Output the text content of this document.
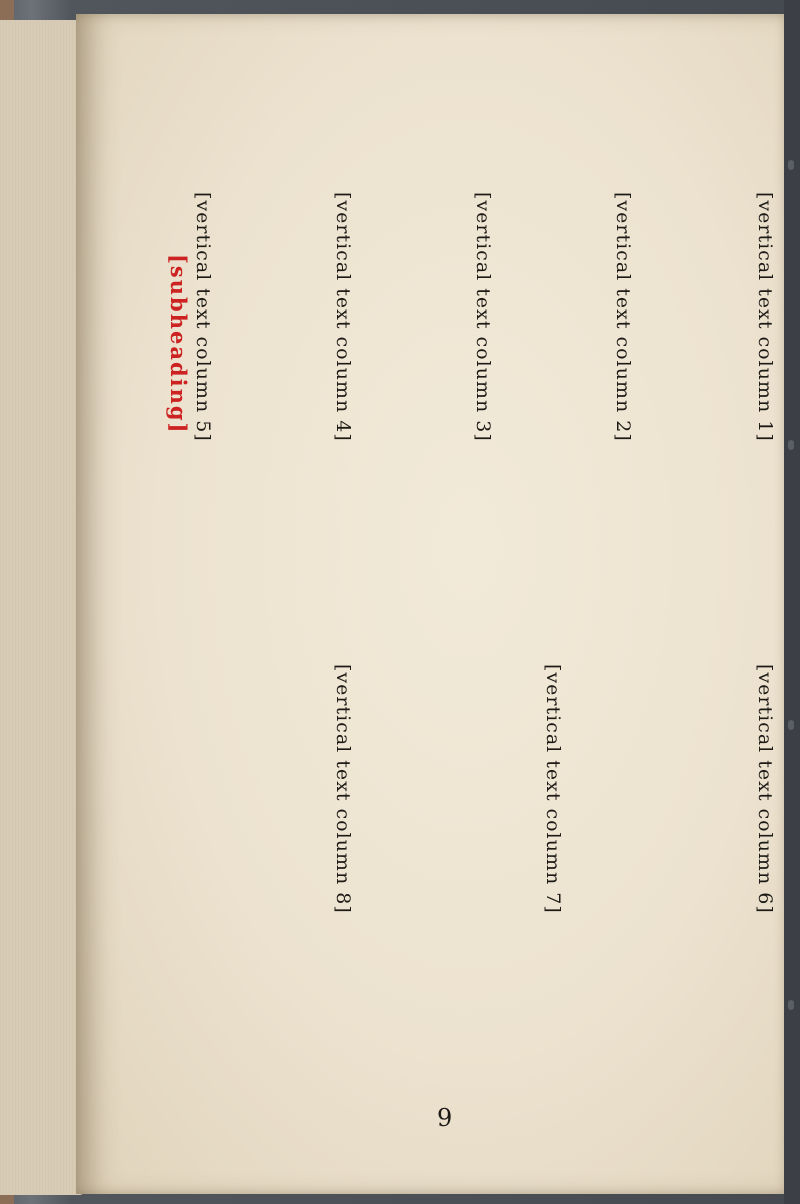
[vertical text column 1]
[vertical text column 2]
[vertical text column 3]
[vertical text column 4]
[vertical text column 5]
[vertical text column 6]
[vertical text column 7]
[vertical text column 8]
[subheading]
9
